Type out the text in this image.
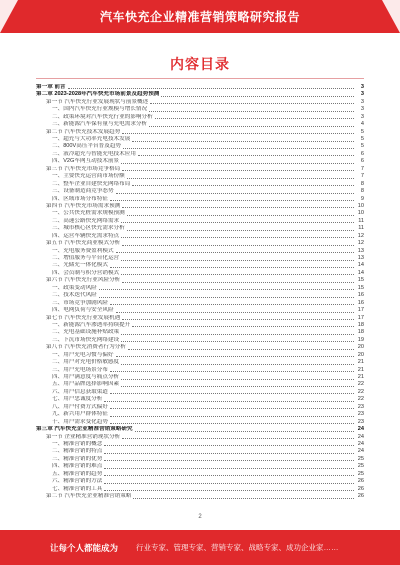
汽车快充企业精准营销策略研究报告
内容目录
第一章 前言	3
第二章 2023-2028年汽车快充市场前景及趋势预测	3
第一节 汽车快充行业发展现状与前景概述	3
一、国内汽车快充行业规模与增长情况	3
二、政策环境对汽车快充行业的影响分析	3
三、新能源汽车保有量与充电需求分析	4
第二节 汽车快充技术发展趋势	5
一、超充与大功率充电技术发展	5
二、800V高压平台普及趋势	5
三、液冷超充与智能充电技术应用	6
四、V2G车网互动技术前景	6
第三节 汽车快充市场竞争格局	7
一、主要快充运营商市场份额	7
二、整车企业自建快充网络布局	8
三、设备制造商竞争态势	8
四、区域市场分布特征	9
第四节 汽车快充市场需求预测	10
一、公共快充桩需求规模预测	10
二、高速公路快充网络需求	11
三、城市核心区快充需求分析	11
四、运营车辆快充需求特点	12
第五节 汽车快充商业模式分析	12
一、充电服务费盈利模式	13
二、增值服务与平台化运营	13
三、光储充一体化模式	14
四、会员制与积分营销模式	14
第六节 汽车快充行业风险分析	15
一、政策变动风险	15
二、技术迭代风险	16
三、市场竞争加剧风险	16
四、电网负荷与安全风险	17
第七节 汽车快充行业发展机遇	17
一、新能源汽车渗透率持续提升	18
二、充电基础设施补贴政策	18
三、下沉市场快充网络建设	19
第八节 汽车快充消费者行为分析	20
一、用户充电习惯与偏好	20
二、用户对充电价格敏感度	21
三、用户充电场景分布	21
四、用户满意度与痛点分析	21
五、用户品牌选择影响因素	22
六、用户信息获取渠道	22
七、用户忠诚度分析	22
八、用户付费方式偏好	23
九、新兴用户群体特征	23
十、用户需求变化趋势	23
第三章 汽车快充企业精准营销策略研究	24
第一节 企业精准营销现状分析	24
一、精准营销的概念	24
二、精准营销的特点	24
三、精准营销的优势	25
四、精准营销的难点	25
五、精准营销的趋势	25
六、精准营销的方法	26
七、精准营销的工具	26
第二节 汽车快充企业精准营销策略	26
2
让每个人都能成为 行业专家、管理专家、营销专家、战略专家、成功企业家……
